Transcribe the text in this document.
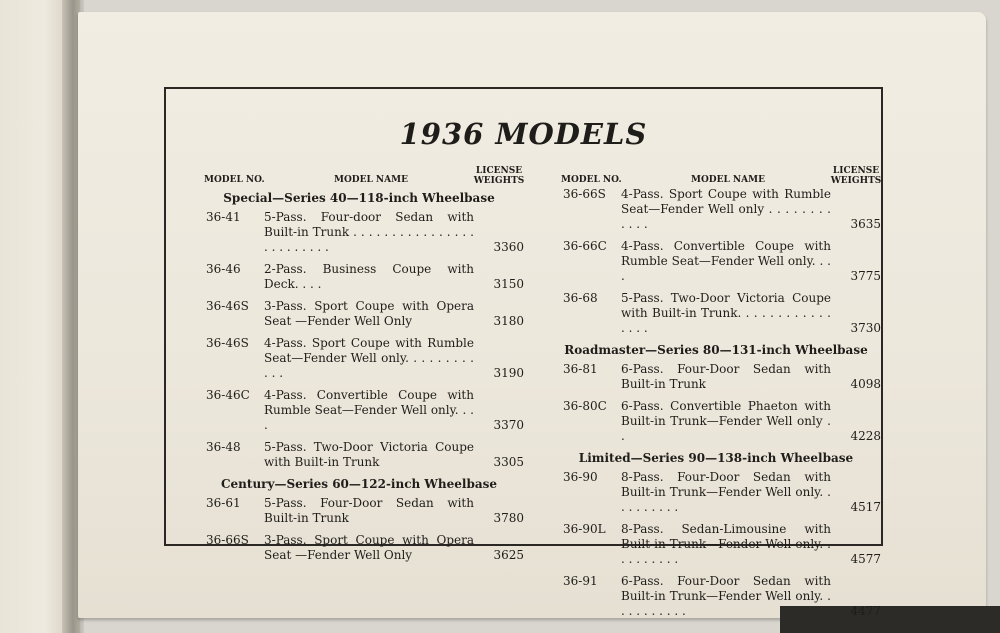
1936 MODELS
MODEL NO.	MODEL NAME
LICENSE
WEIGHTS
Special—Series 40—118-inch Wheelbase
36-41	5-Pass. Four-door Sedan with Built-in Trunk . . . . . . . . . . . . . . . . . . . . . . . . .	3360
36-46	2-Pass. Business Coupe with Deck. . . .	3150
36-46S	3-Pass. Sport Coupe with Opera Seat —Fender Well Only	3180
36-46S	4-Pass. Sport Coupe with Rumble Seat—Fender Well only. . . . . . . . . . . .	3190
36-46C	4-Pass. Convertible Coupe with Rumble Seat—Fender Well only. . . .	3370
36-48	5-Pass. Two-Door Victoria Coupe with Built-in Trunk	3305
Century—Series 60—122-inch Wheelbase
36-61	5-Pass. Four-Door Sedan with Built-in Trunk	3780
36-66S	3-Pass. Sport Coupe with Opera Seat —Fender Well Only	3625
MODEL NO.	MODEL NAME
LICENSE
WEIGHTS
36-66S	4-Pass. Sport Coupe with Rumble Seat—Fender Well only . . . . . . . . . . . .	3635
36-66C	4-Pass. Convertible Coupe with Rumble Seat—Fender Well only. . . .	3775
36-68	5-Pass. Two-Door Victoria Coupe with Built-in Trunk. . . . . . . . . . . . . . . .	3730
Roadmaster—Series 80—131-inch Wheelbase
36-81	6-Pass. Four-Door Sedan with Built-in Trunk	4098
36-80C	6-Pass. Convertible Phaeton with Built-in Trunk—Fender Well only . .	4228
Limited—Series 90—138-inch Wheelbase
36-90	8-Pass. Four-Door Sedan with Built-in Trunk—Fender Well only. . . . . . . . . .	4517
36-90L	8-Pass. Sedan-Limousine with Built-in Trunk—Fender Well only. . . . . . . . . .	4577
36-91	6-Pass. Four-Door Sedan with Built-in Trunk—Fender Well only. . . . . . . . . . .	4477
